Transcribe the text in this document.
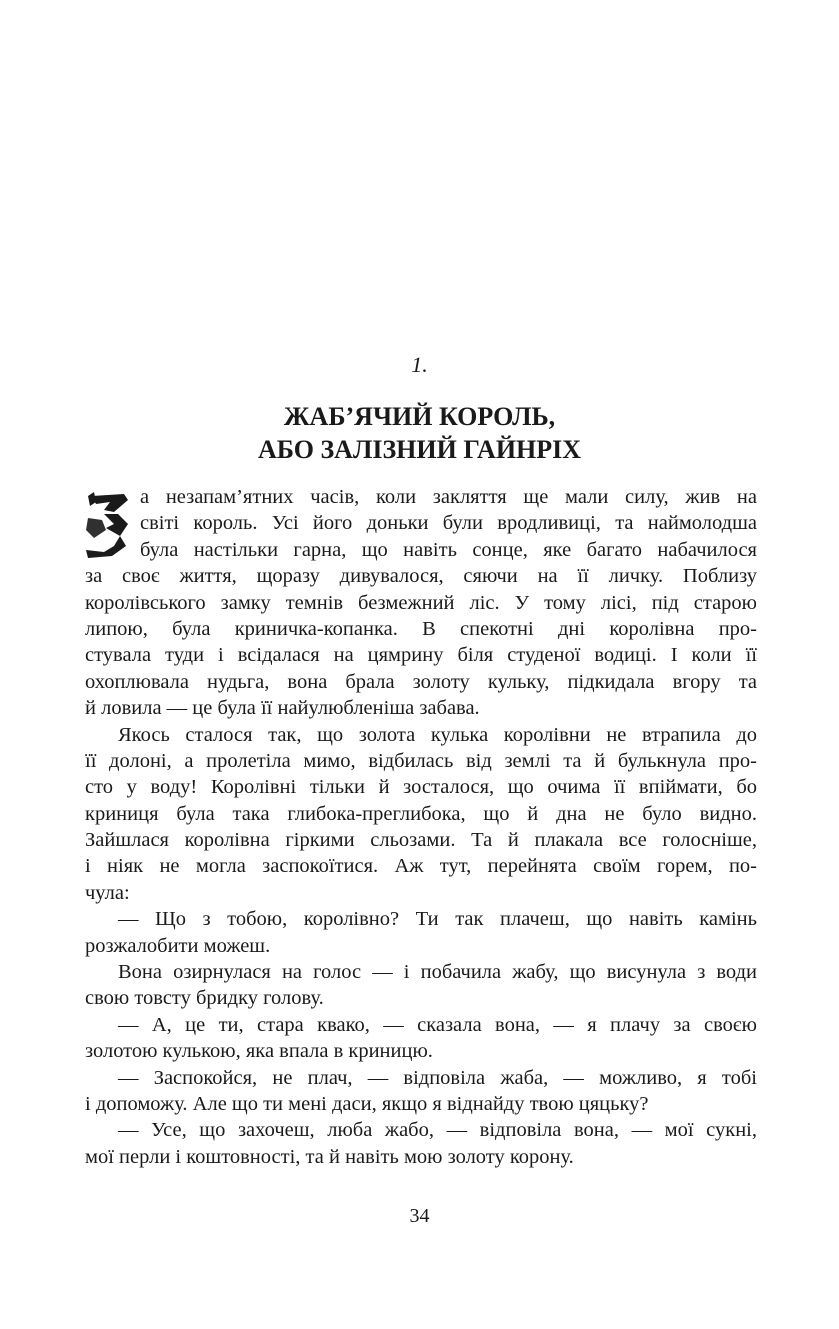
1.
ЖАБ’ЯЧИЙ КОРОЛЬ,
АБО ЗАЛІЗНИЙ ГАЙНРІХ
а незапам’ятних часів, коли закляття ще мали силу, жив на
світі король. Усі його доньки були вродливиці, та наймолодша
була настільки гарна, що навіть сонце, яке багато набачилося
за своє життя, щоразу дивувалося, сяючи на її личку. Поблизу
королівського замку темнів безмежний ліс. У тому лісі, під старою
липою, була криничка-копанка. В спекотні дні королівна про-
стувала туди і всідалася на цямрину біля студеної водиці. І коли її
охоплювала нудьга, вона брала золоту кульку, підкидала вгору та
й ловила — це була її найулюбленіша забава.
Якось сталося так, що золота кулька королівни не втрапила до
її долоні, а пролетіла мимо, відбилась від землі та й булькнула про-
сто у воду! Королівні тільки й зосталося, що очима її впіймати, бо
криниця була така глибока-преглибока, що й дна не було видно.
Зайшлася королівна гіркими сльозами. Та й плакала все голосніше,
і ніяк не могла заспокоїтися. Аж тут, перейнята своїм горем, по-
чула:
— Що з тобою, королівно? Ти так плачеш, що навіть камінь
розжалобити можеш.
Вона озирнулася на голос — і побачила жабу, що висунула з води
свою товсту бридку голову.
— А, це ти, стара квако, — сказала вона, — я плачу за своєю
золотою кулькою, яка впала в криницю.
— Заспокойся, не плач, — відповіла жаба, — можливо, я тобі
і допоможу. Але що ти мені даси, якщо я віднайду твою цяцьку?
— Усе, що захочеш, люба жабо, — відповіла вона, — мої сукні,
мої перли і коштовності, та й навіть мою золоту корону.
34
